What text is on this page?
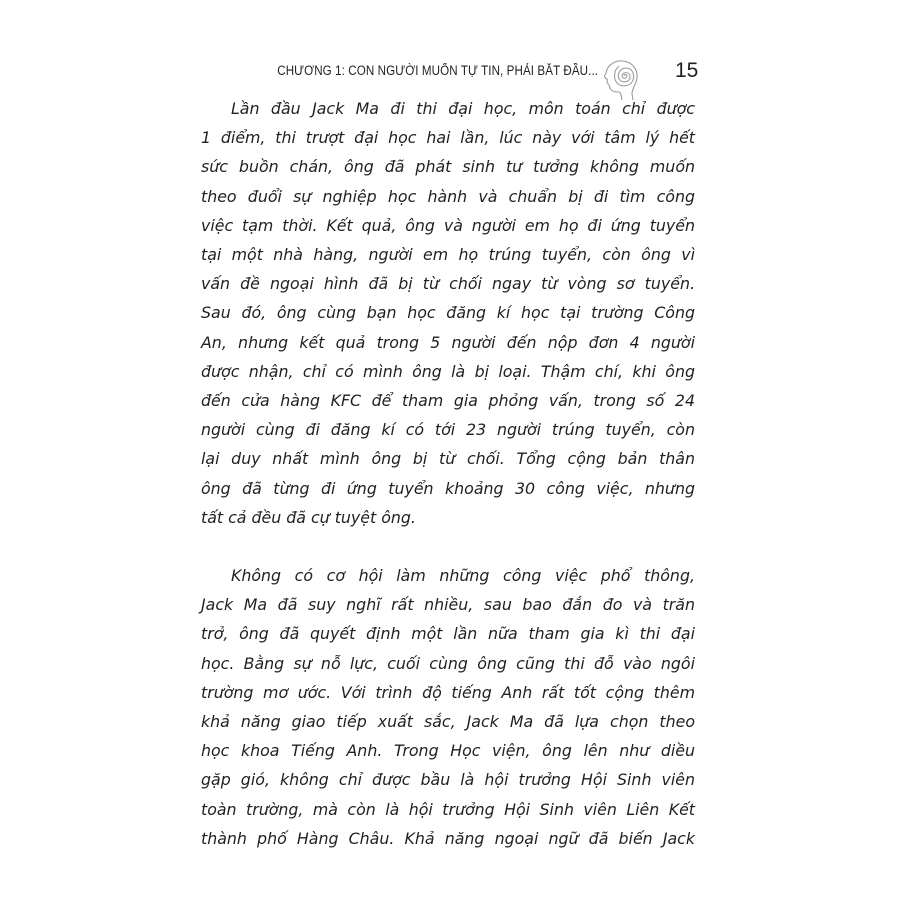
CHƯƠNG 1: CON NGƯỜI MUỐN TỰ TIN, PHẢI BẮT ĐẦU...	15
Lần đầu Jack Ma đi thi đại học, môn toán chỉ được
1 điểm, thi trượt đại học hai lần, lúc này với tâm lý hết
sức buồn chán, ông đã phát sinh tư tưởng không muốn
theo đuổi sự nghiệp học hành và chuẩn bị đi tìm công
việc tạm thời. Kết quả, ông và người em họ đi ứng tuyển
tại một nhà hàng, người em họ trúng tuyển, còn ông vì
vấn đề ngoại hình đã bị từ chối ngay từ vòng sơ tuyển.
Sau đó, ông cùng bạn học đăng kí học tại trường Công
An, nhưng kết quả trong 5 người đến nộp đơn 4 người
được nhận, chỉ có mình ông là bị loại. Thậm chí, khi ông
đến cửa hàng KFC để tham gia phỏng vấn, trong số 24
người cùng đi đăng kí có tới 23 người trúng tuyển, còn
lại duy nhất mình ông bị từ chối. Tổng cộng bản thân
ông đã từng đi ứng tuyển khoảng 30 công việc, nhưng
tất cả đều đã cự tuyệt ông.
Không có cơ hội làm những công việc phổ thông,
Jack Ma đã suy nghĩ rất nhiều, sau bao đắn đo và trăn
trở, ông đã quyết định một lần nữa tham gia kì thi đại
học. Bằng sự nỗ lực, cuối cùng ông cũng thi đỗ vào ngôi
trường mơ ước. Với trình độ tiếng Anh rất tốt cộng thêm
khả năng giao tiếp xuất sắc, Jack Ma đã lựa chọn theo
học khoa Tiếng Anh. Trong Học viện, ông lên như diều
gặp gió, không chỉ được bầu là hội trưởng Hội Sinh viên
toàn trường, mà còn là hội trưởng Hội Sinh viên Liên Kết
thành phố Hàng Châu. Khả năng ngoại ngữ đã biến Jack
